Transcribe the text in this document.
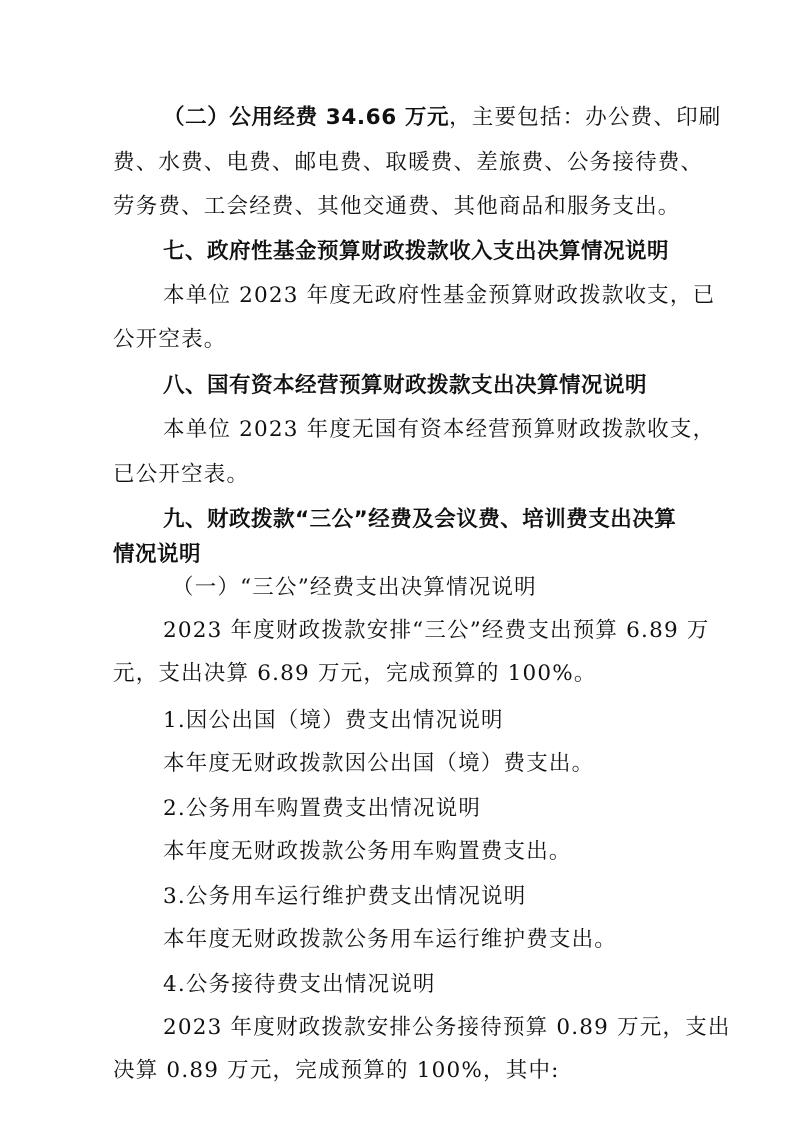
（二）公用经费 34.66 万元，主要包括：办公费、印刷
费、水费、电费、邮电费、取暖费、差旅费、公务接待费、
劳务费、工会经费、其他交通费、其他商品和服务支出。
七、政府性基金预算财政拨款收入支出决算情况说明
本单位 2023 年度无政府性基金预算财政拨款收支，已
公开空表。
八、国有资本经营预算财政拨款支出决算情况说明
本单位 2023 年度无国有资本经营预算财政拨款收支，
已公开空表。
九、财政拨款“三公”经费及会议费、培训费支出决算
情况说明
（一）“三公”经费支出决算情况说明
2023 年度财政拨款安排“三公”经费支出预算 6.89 万
元，支出决算 6.89 万元，完成预算的 100%。
1.因公出国（境）费支出情况说明
本年度无财政拨款因公出国（境）费支出。
2.公务用车购置费支出情况说明
本年度无财政拨款公务用车购置费支出。
3.公务用车运行维护费支出情况说明
本年度无财政拨款公务用车运行维护费支出。
4.公务接待费支出情况说明
2023 年度财政拨款安排公务接待预算 0.89 万元，支出
决算 0.89 万元，完成预算的 100%，其中:
